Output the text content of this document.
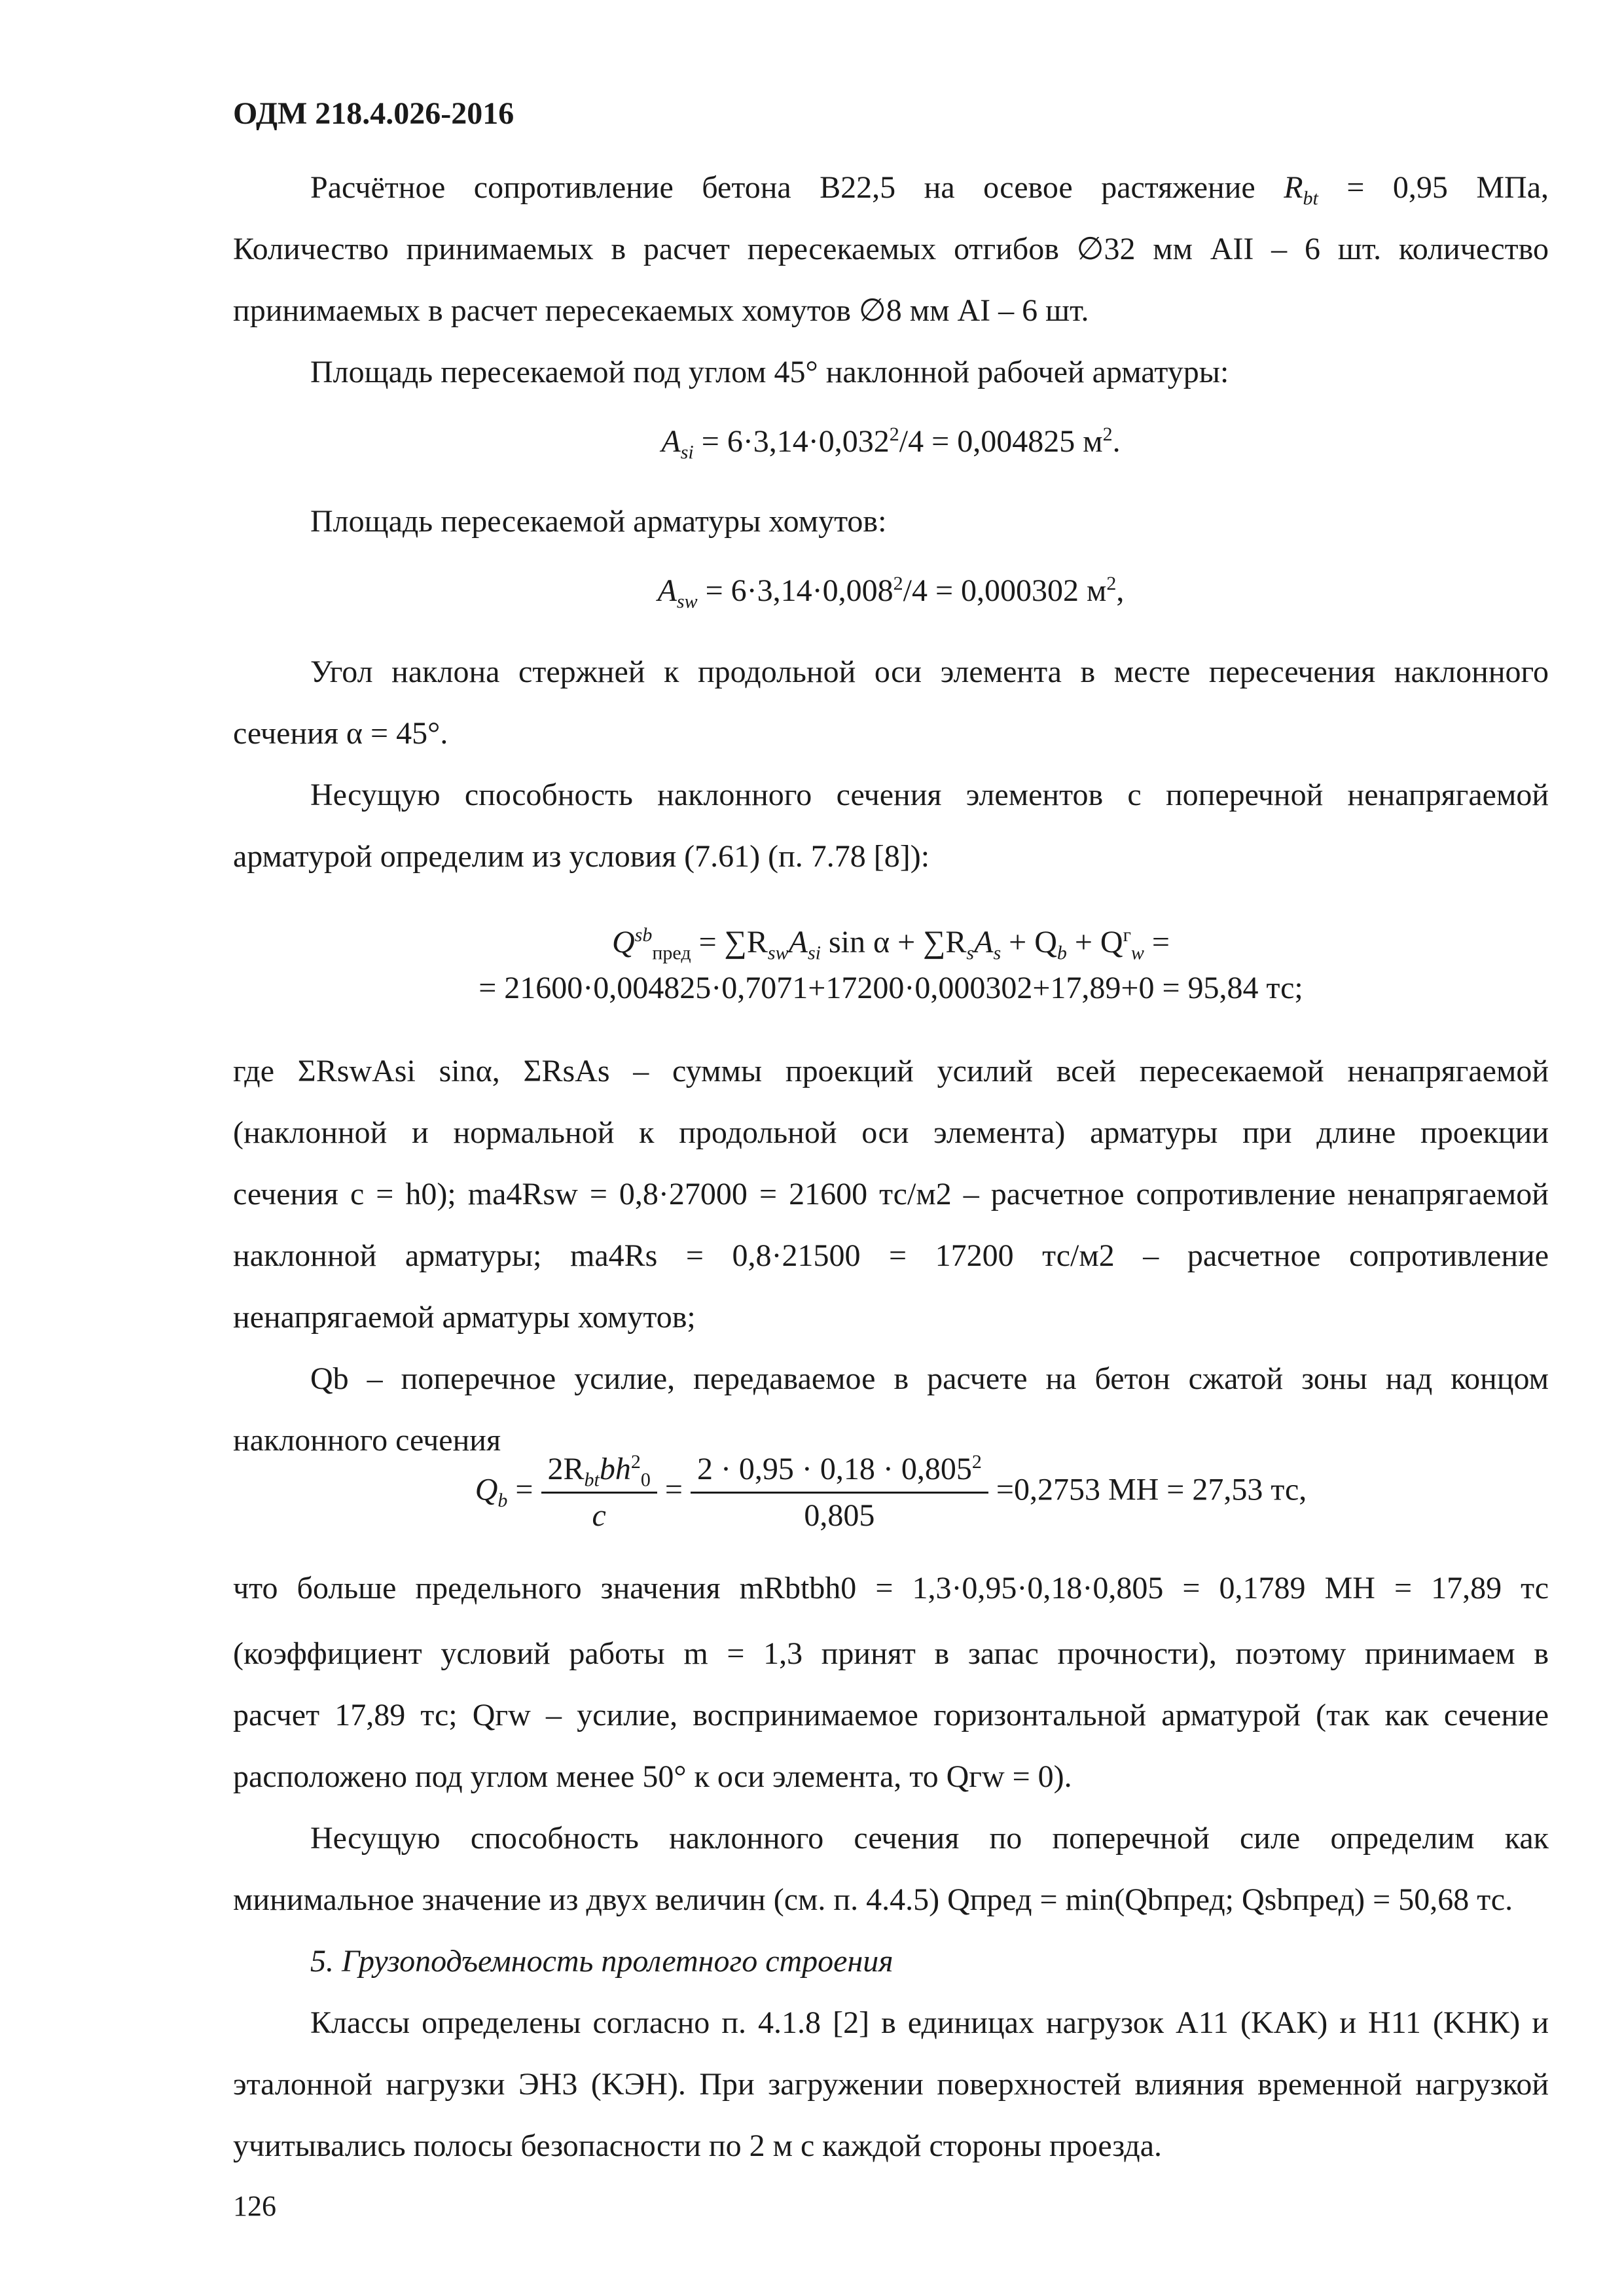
ОДМ 218.4.026-2016
Расчётное сопротивление бетона В22,5 на осевое растяжение $R_{bt} = 0,95$ МПа,
Количество принимаемых в расчет пересекаемых отгибов ∅32 мм AII – 6 шт. количество
принимаемых в расчет пересекаемых хомутов ∅8 мм AI – 6 шт.
Площадь пересекаемой под углом 45° наклонной рабочей арматуры:
$A_{si} = 6\cdot 3,14\cdot 0,032^2/4 = 0,004825$ $м^2$.
Площадь пересекаемой арматуры хомутов:
$A_{sw} = 6\cdot 3,14\cdot 0,008^2/4 = 0,000302$ $м^2$,
Угол наклона стержней к продольной оси элемента в месте пересечения наклонного
сечения α = 45°.
Несущую способность наклонного сечения элементов с поперечной ненапрягаемой
арматурой определим из условия (7.61) (п. 7.78 [8]):
$Q^{sb}_{пред} = \sum R_{sw}A_{si}$ $\sin \alpha + \sum R_sA_s + Q_b + Q^г_w$ =
= 21600·0,004825·0,7071+17200·0,000302+17,89+0 = 95,84 тс;
где ΣRswAsi sinα, ΣRsAs – суммы проекций усилий всей пересекаемой ненапрягаемой
(наклонной и нормальной к продольной оси элемента) арматуры при длине проекции
сечения c = h0); ma4Rsw = 0,8·27000 = 21600 тс/м2 – расчетное сопротивление ненапрягаемой
наклонной арматуры; ma4Rs = 0,8·21500 = 17200 тс/м2 – расчетное сопротивление
ненапрягаемой арматуры хомутов;
Qb – поперечное усилие, передаваемое в расчете на бетон сжатой зоны над концом
наклонного сечения
$Q_b = \frac{2R_{bt}bh^2_0}{c} = \frac{2 \cdot 0,95 \cdot 0,18 \cdot 0,805^2}{0,805} =0,2753$ МН = 27,53 тс,
что больше предельного значения mRbtbh0 = 1,3·0,95·0,18·0,805 = 0,1789 МН = 17,89 тс
(коэффициент условий работы m = 1,3 принят в запас прочности), поэтому принимаем в
расчет 17,89 тс; Qгw – усилие, воспринимаемое горизонтальной арматурой (так как сечение
расположено под углом менее 50° к оси элемента, то Qгw = 0).
Несущую способность наклонного сечения по поперечной силе определим как
минимальное значение из двух величин (см. п. 4.4.5) Qпред = min(Qbпред; Qsbпред) = 50,68 тс.
5. Грузоподъемность пролетного строения
Классы определены согласно п. 4.1.8 [2] в единицах нагрузок А11 (KАК) и Н11 (KНК) и
эталонной нагрузки ЭН3 (KЭН). При загружении поверхностей влияния временной нагрузкой
учитывались полосы безопасности по 2 м с каждой стороны проезда.
126
